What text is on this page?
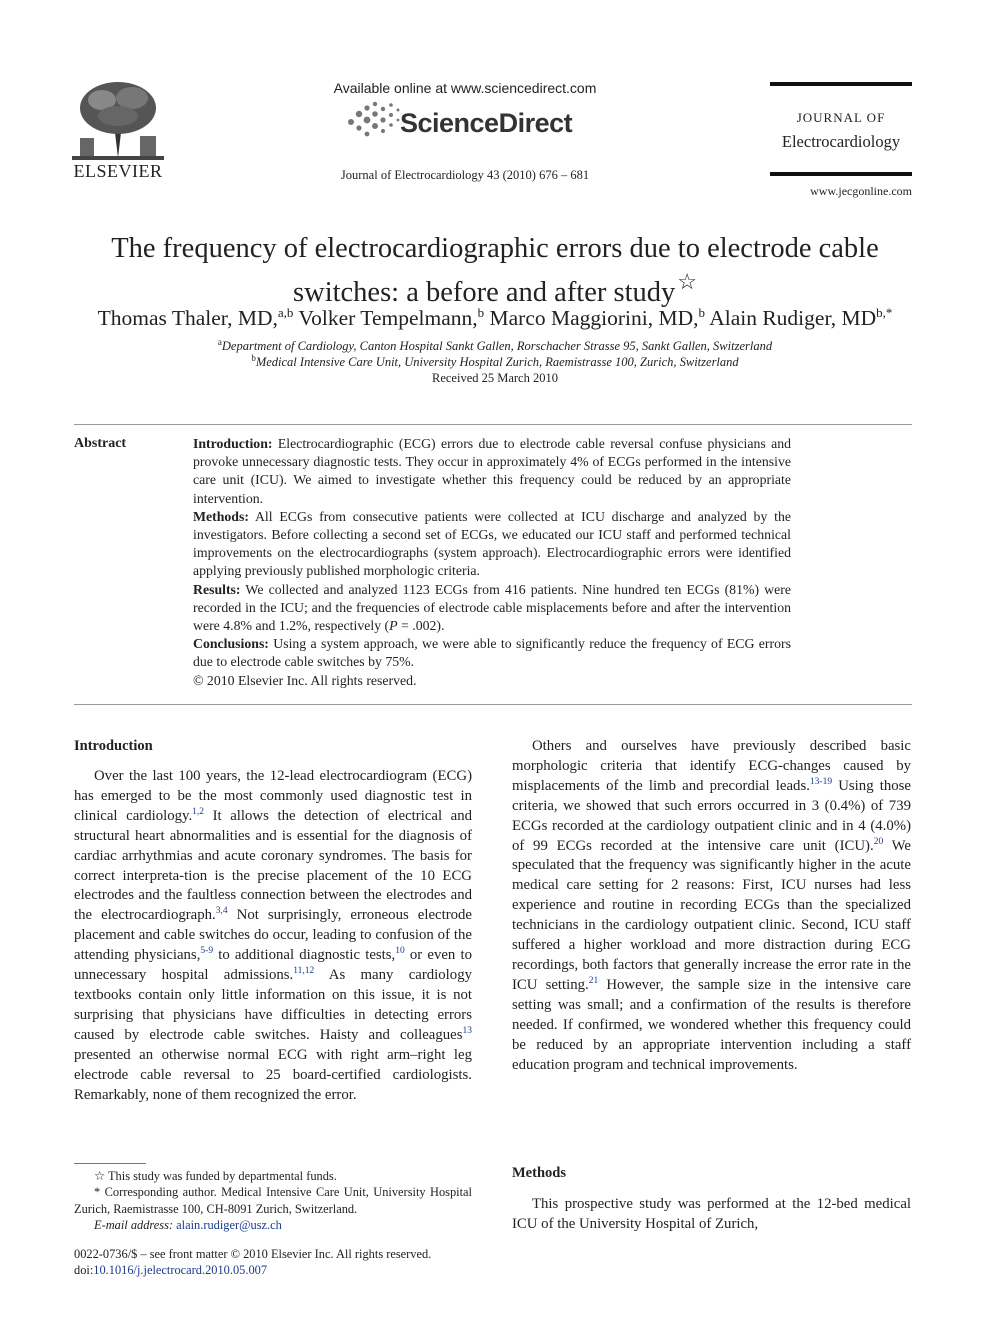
Available online at www.sciencedirect.com
ScienceDirect
Journal of Electrocardiology 43 (2010) 676 – 681
ELSEVIER
JOURNAL OF
Electrocardiology
www.jecgonline.com
The frequency of electrocardiographic errors due to electrode cable
switches: a before and after study☆
Thomas Thaler, MD,$^{a,b}$ Volker Tempelmann,$^b$ Marco Maggiorini, MD,$^b$ Alain Rudiger, $MD^{b,*}$
$^a$Department of Cardiology, Canton Hospital Sankt Gallen, Rorschacher Strasse 95, Sankt Gallen, Switzerland
$^b$Medical Intensive Care Unit, University Hospital Zurich, Raemistrasse 100, Zurich, Switzerland
Received 25 March 2010
Abstract	Introduction: Electrocardiographic (ECG) errors due to electrode cable reversal confuse physicians and provoke unnecessary diagnostic tests. They occur in approximately 4% of ECGs performed in the intensive care unit (ICU). We aimed to investigate whether this frequency could be reduced by an appropriate intervention.

Methods: All ECGs from consecutive patients were collected at ICU discharge and analyzed by the investigators. Before collecting a second set of ECGs, we educated our ICU staff and performed technical improvements on the electrocardiographs (system approach). Electrocardiographic errors were identified applying previously published morphologic criteria.

Results: We collected and analyzed 1123 ECGs from 416 patients. Nine hundred ten ECGs (81%) were recorded in the ICU; and the frequencies of electrode cable misplacements before and after the intervention were 4.8% and 1.2%, respectively (P = .002).

Conclusions: Using a system approach, we were able to significantly reduce the frequency of ECG errors due to electrode cable switches by 75%.

© 2010 Elsevier Inc. All rights reserved.

Introduction

Over the last 100 years, the 12-lead electrocardiogram (ECG) has emerged to be the most commonly used diagnostic test in clinical cardiology.$^{1,2}$ It allows the detection of electrical and structural heart abnormalities and is essential for the diagnosis of cardiac arrhythmias and acute coronary syndromes. The basis for correct interpreta-tion is the precise placement of the 10 ECG electrodes and the faultless connection between the electrodes and the electrocardiograph.$^{3,4}$ Not surprisingly, erroneous electrode placement and cable switches do occur, leading to confusion of the attending physicians,$^{5-9}$ to additional diagnostic tests,$^{10}$ or even to unnecessary hospital admissions.$^{11,12}$ As many cardiology textbooks contain only little information on this issue, it is not surprising that physicians have difficulties in detecting errors caused by electrode cable switches. Haisty and colleagues$^{13}$ presented an otherwise normal ECG with right arm–right leg electrode cable reversal to 25 board-certified cardiologists. Remarkably, none of them recognized the error.

☆ This study was funded by departmental funds.

* Corresponding author. Medical Intensive Care Unit, University Hospital Zurich, Raemistrasse 100, CH-8091 Zurich, Switzerland.

E-mail address: alain.rudiger@usz.ch

0022-0736/$ – see front matter © 2010 Elsevier Inc. All rights reserved.

doi:10.1016/j.jelectrocard.2010.05.007

Others and ourselves have previously described basic morphologic criteria that identify ECG-changes caused by misplacements of the limb and precordial leads.$^{13-19}$ Using those criteria, we showed that such errors occurred in 3 (0.4%) of 739 ECGs recorded at the cardiology outpatient clinic and in 4 (4.0%) of 99 ECGs recorded at the intensive care unit (ICU).$^{20}$ We speculated that the frequency was significantly higher in the acute medical care setting for 2 reasons: First, ICU nurses had less experience and routine in recording ECGs than the specialized technicians in the cardiology outpatient clinic. Second, ICU staff suffered a higher workload and more distraction during ECG recordings, both factors that generally increase the error rate in the ICU setting.$^{21}$ However, the sample size in the intensive care setting was small; and a confirmation of the results is therefore needed. If confirmed, we wondered whether this frequency could be reduced by an appropriate intervention including a staff education program and technical improvements.

Methods

This prospective study was performed at the 12-bed medical ICU of the University Hospital of Zurich,
